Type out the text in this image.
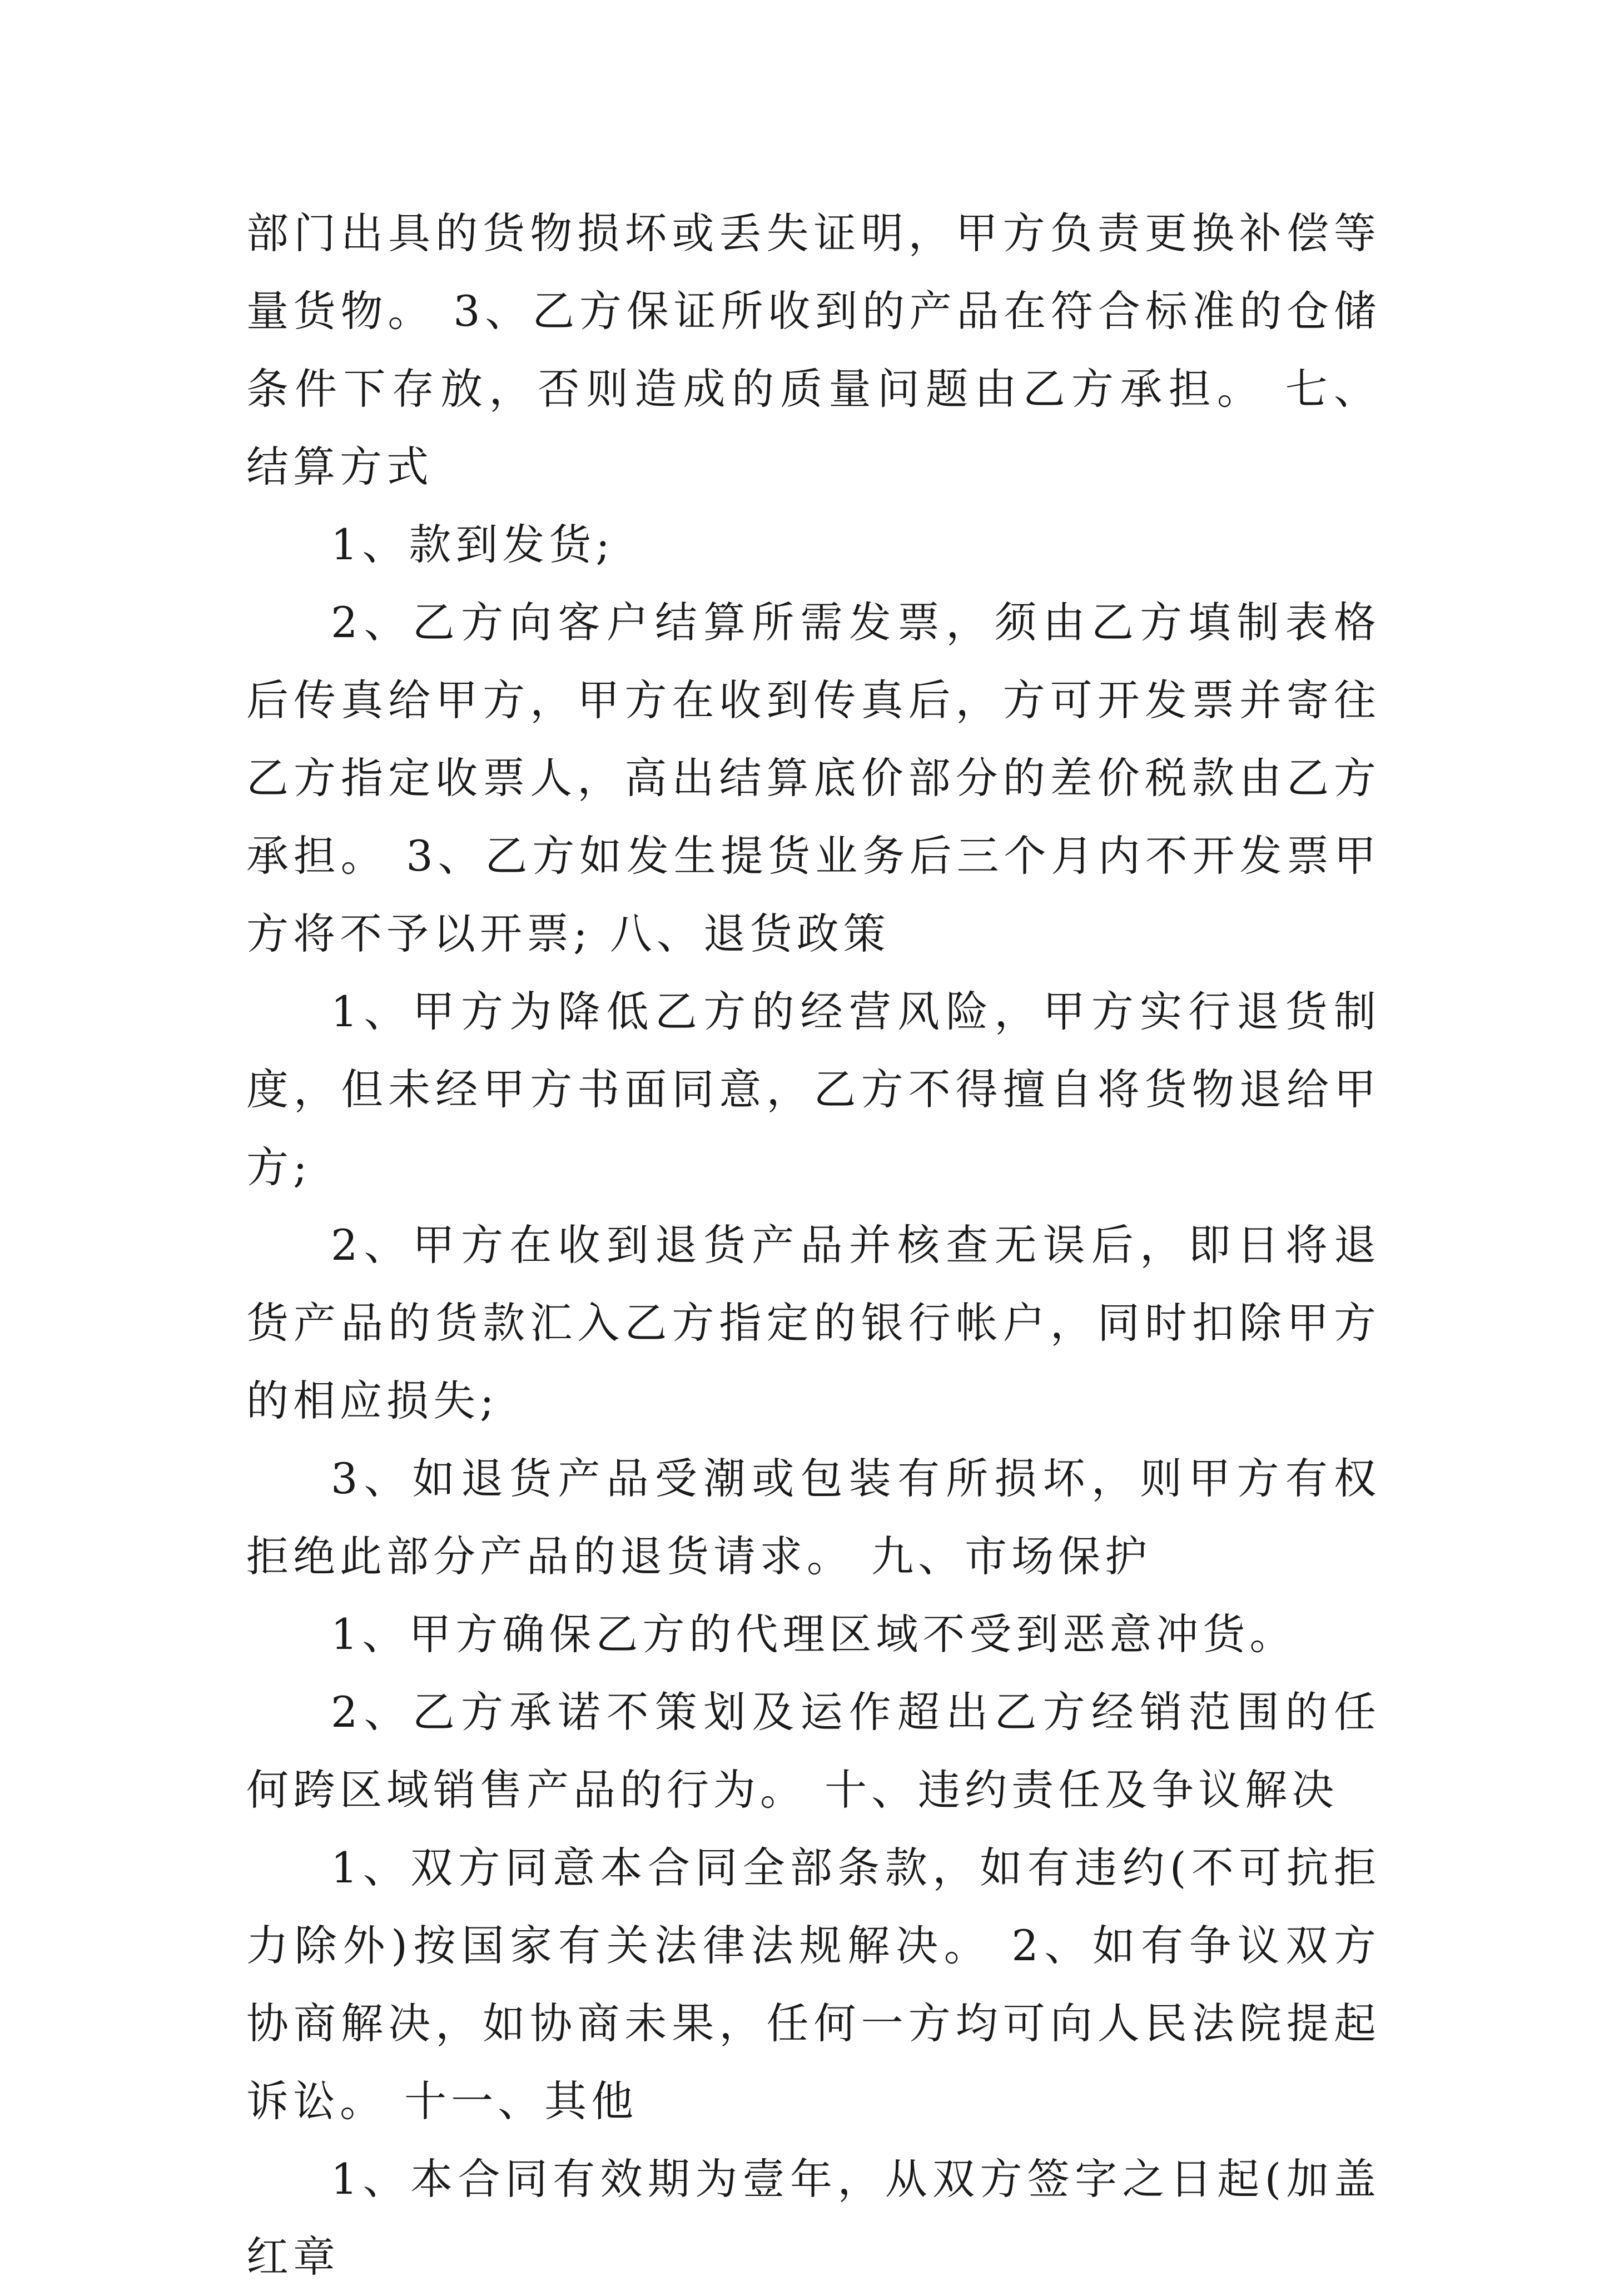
部门出具的货物损坏或丢失证明，甲方负责更换补偿等量货物。 3、乙方保证所收到的产品在符合标准的仓储条件下存放，否则造成的质量问题由乙方承担。 七、结算方式

1、款到发货;

2、乙方向客户结算所需发票，须由乙方填制表格后传真给甲方，甲方在收到传真后，方可开发票并寄往乙方指定收票人，高出结算底价部分的差价税款由乙方承担。 3、乙方如发生提货业务后三个月内不开发票甲方将不予以开票; 八、退货政策

1、甲方为降低乙方的经营风险，甲方实行退货制度，但未经甲方书面同意，乙方不得擅自将货物退给甲方;

2、甲方在收到退货产品并核查无误后，即日将退货产品的货款汇入乙方指定的银行帐户，同时扣除甲方的相应损失;

3、如退货产品受潮或包装有所损坏，则甲方有权拒绝此部分产品的退货请求。 九、市场保护

1、甲方确保乙方的代理区域不受到恶意冲货。

2、乙方承诺不策划及运作超出乙方经销范围的任何跨区域销售产品的行为。 十、违约责任及争议解决

1、双方同意本合同全部条款，如有违约(不可抗拒力除外)按国家有关法律法规解决。 2、如有争议双方协商解决，如协商未果，任何一方均可向人民法院提起诉讼。 十一、其他

1、本合同有效期为壹年，从双方签字之日起(加盖红章
